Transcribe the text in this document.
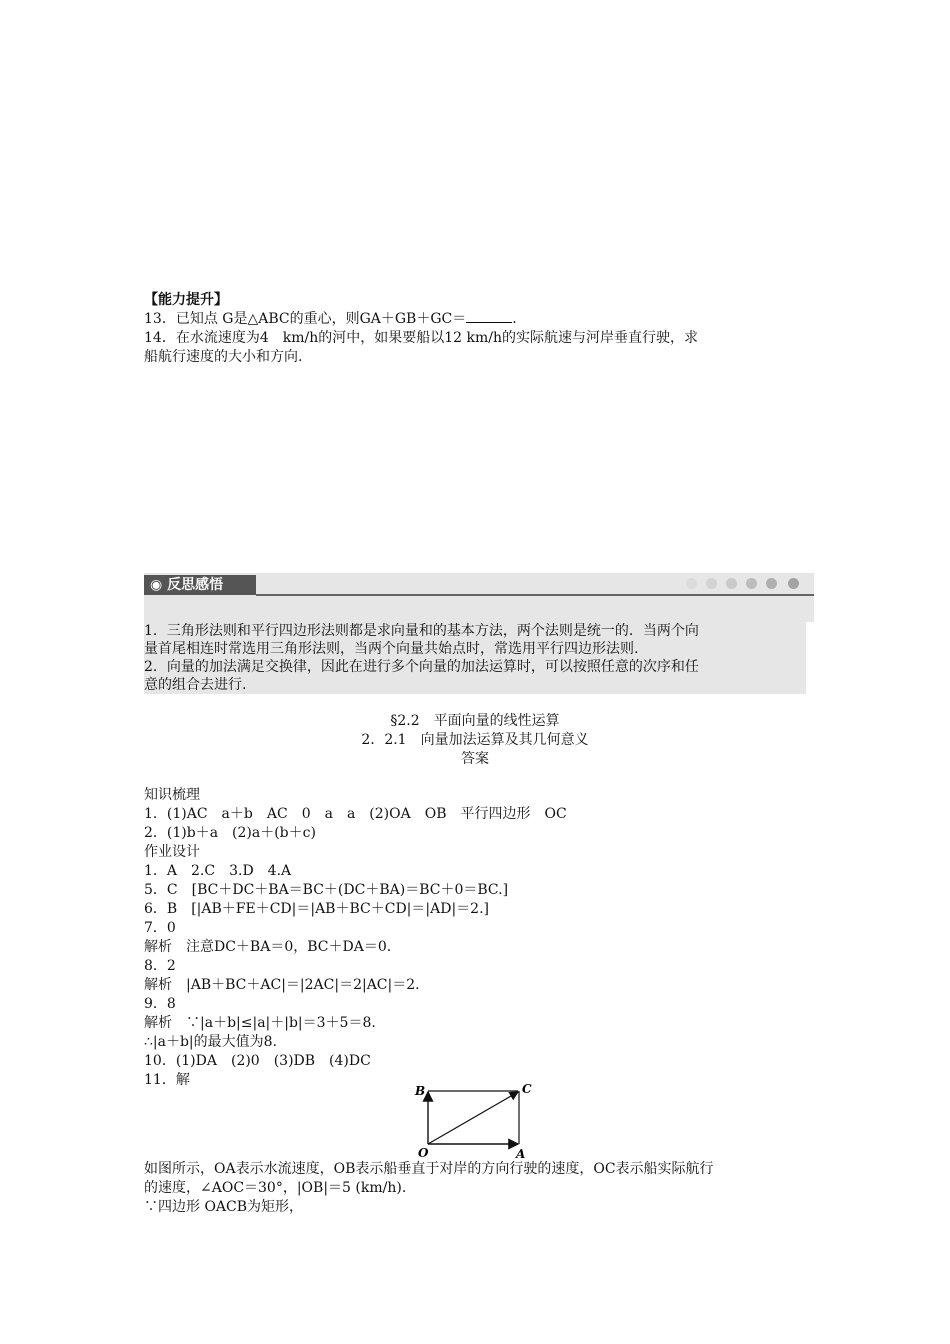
【能力提升】
13．已知点 G是△ABC的重心，则GA＋GB＋GC＝	.
14．在水流速度为4　km/h的河中，如果要船以12 km/h的实际航速与河岸垂直行驶，求
船航行速度的大小和方向.
◉ 反思感悟
1．三角形法则和平行四边形法则都是求向量和的基本方法，两个法则是统一的．当两个向
量首尾相连时常选用三角形法则，当两个向量共始点时，常选用平行四边形法则.
2．向量的加法满足交换律，因此在进行多个向量的加法运算时，可以按照任意的次序和任
意的组合去进行.
§2.2　平面向量的线性运算
2．2.1　向量加法运算及其几何意义
答案
知识梳理
1．(1)AC　a＋b　AC　0　a　a　(2)OA　OB　平行四边形　OC
2．(1)b＋a　(2)a＋(b＋c)
作业设计
1．A　2.C　3.D　4.A
5．C　[BC＋DC＋BA＝BC＋(DC＋BA)＝BC＋0＝BC.]
6．B　[|AB＋FE＋CD|＝|AB＋BC＋CD|＝|AD|＝2.]
7．0
解析　注意DC＋BA＝0，BC＋DA＝0.
8．2
解析　|AB＋BC＋AC|＝|2AC|＝2|AC|＝2.
9．8
解析　∵|a＋b|≤|a|＋|b|＝3＋5＝8.
∴|a＋b|的最大值为8.
10．(1)DA　(2)0　(3)DB　(4)DC
11．解
B	C
O	A
如图所示，OA表示水流速度，OB表示船垂直于对岸的方向行驶的速度，OC表示船实际航行
的速度，∠AOC＝30°，|OB|＝5 (km/h).
∵四边形 OACB为矩形，
